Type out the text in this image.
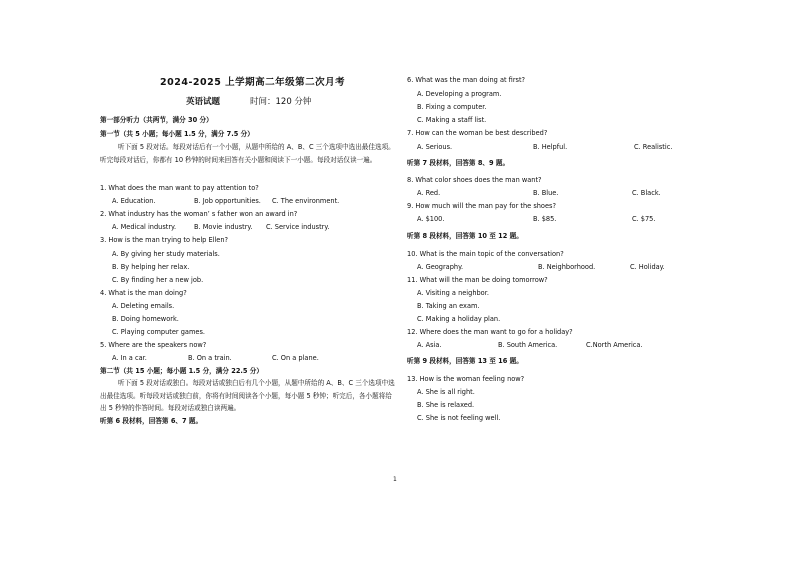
2024-2025 上学期高二年级第二次月考
英语试题	时间：120 分钟
第一部分听力（共两节，满分 30 分）
第一节（共 5 小题；每小题 1.5 分，满分 7.5 分）
听下面 5 段对话。每段对话后有一个小题，从题中所给的 A、B、C 三个选项中选出最佳选项。听完每段对话后，你都有 10 秒钟的时间来回答有关小题和阅读下一小题。每段对话仅读一遍。
1. What does the man want to pay attention to?
A. Education.	B. Job opportunities. C. The environment.
2. What industry has the woman’ s father won an award in?
A. Medical industry.	B. Movie industry. C. Service industry.
3. How is the man trying to help Ellen?
A. By giving her study materials.
B. By helping her relax.
C. By finding her a new job.
4. What is the man doing?
A. Deleting emails.
B. Doing homework.
C. Playing computer games.
5. Where are the speakers now?
A. In a car.	B. On a train.	C. On a plane.
第二节（共 15 小题；每小题 1.5 分，满分 22.5 分）
听下面 5 段对话或独白。每段对话或独白后有几个小题，从题中所给的 A、B、C 三个选项中选出最佳选项。听每段对话或独白前，你将有时间阅读各个小题，每小题 5 秒钟；听完后，各小题将给出 5 秒钟的作答时间。每段对话或独白读两遍。
听第 6 段材料，回答第 6、7 题。
6. What was the man doing at first?
A. Developing a program.
B. Fixing a computer.
C. Making a staff list.
7. How can the woman be best described?
A. Serious.	B. Helpful.	C. Realistic.
听第 7 段材料，回答第 8、9 题。
8. What color shoes does the man want?
A. Red.	B. Blue.	C. Black.
9. How much will the man pay for the shoes?
A. $100.	B. $85.	C. $75.
听第 8 段材料，回答第 10 至 12 题。
10. What is the main topic of the conversation?
A. Geography.	B. Neighborhood.	C. Holiday.
11. What will the man be doing tomorrow?
A. Visiting a neighbor.
B. Taking an exam.
C. Making a holiday plan.
12. Where does the man want to go for a holiday?
A. Asia.	B. South America.	C.North America.
听第 9 段材料，回答第 13 至 16 题。
13. How is the woman feeling now?
A. She is all right.
B. She is relaxed.
C. She is not feeling well.
1
